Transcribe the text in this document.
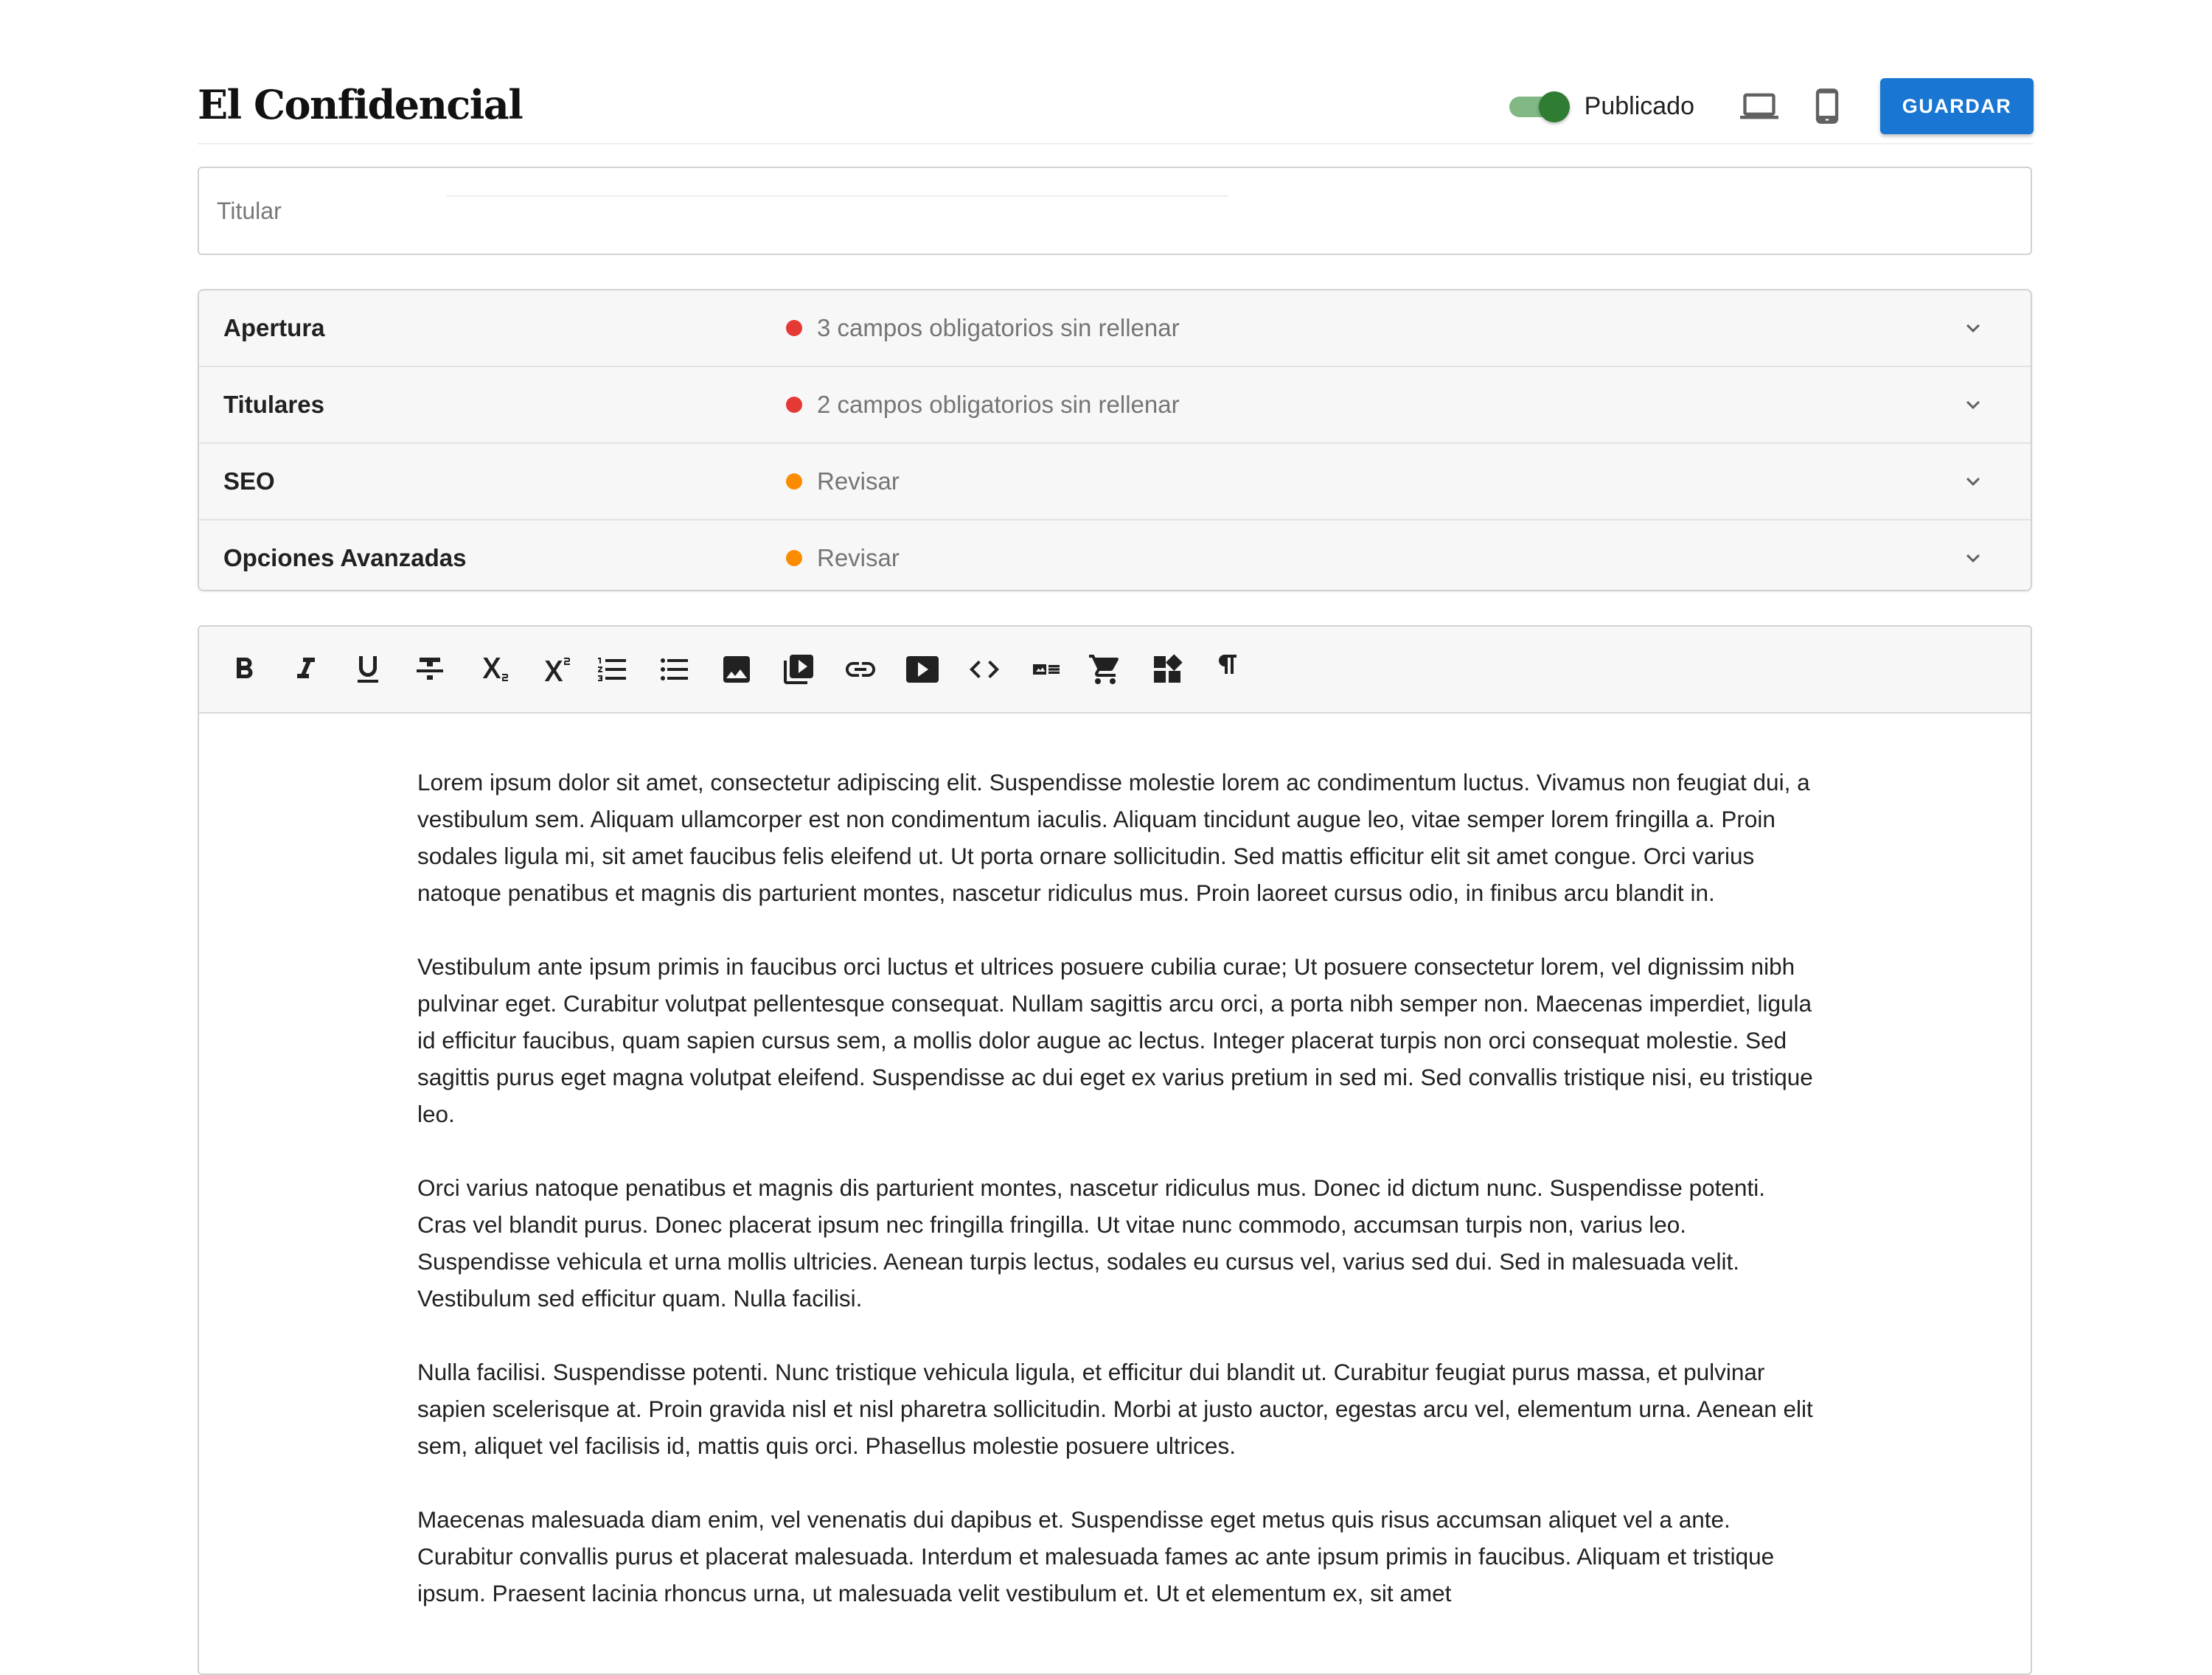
El Confidencial	Publicado	GUARDAR
Titular
Apertura	3 campos obligatorios sin rellenar
Titulares	2 campos obligatorios sin rellenar
SEO	Revisar
Opciones Avanzadas	Revisar

Lorem ipsum dolor sit amet, consectetur adipiscing elit. Suspendisse molestie lorem ac condimentum luctus. Vivamus non feugiat dui, a vestibulum sem. Aliquam ullamcorper est non condimentum iaculis. Aliquam tincidunt augue leo, vitae semper lorem fringilla a. Proin sodales ligula mi, sit amet faucibus felis eleifend ut. Ut porta ornare sollicitudin. Sed mattis efficitur elit sit amet congue. Orci varius natoque penatibus et magnis dis parturient montes, nascetur ridiculus mus. Proin laoreet cursus odio, in finibus arcu blandit in.

Vestibulum ante ipsum primis in faucibus orci luctus et ultrices posuere cubilia curae; Ut posuere consectetur lorem, vel dignissim nibh pulvinar eget. Curabitur volutpat pellentesque consequat. Nullam sagittis arcu orci, a porta nibh semper non. Maecenas imperdiet, ligula id efficitur faucibus, quam sapien cursus sem, a mollis dolor augue ac lectus. Integer placerat turpis non orci consequat molestie. Sed sagittis purus eget magna volutpat eleifend. Suspendisse ac dui eget ex varius pretium in sed mi. Sed convallis tristique nisi, eu tristique leo.

Orci varius natoque penatibus et magnis dis parturient montes, nascetur ridiculus mus. Donec id dictum nunc. Suspendisse potenti. Cras vel blandit purus. Donec placerat ipsum nec fringilla fringilla. Ut vitae nunc commodo, accumsan turpis non, varius leo. Suspendisse vehicula et urna mollis ultricies. Aenean turpis lectus, sodales eu cursus vel, varius sed dui. Sed in malesuada velit. Vestibulum sed efficitur quam. Nulla facilisi.

Nulla facilisi. Suspendisse potenti. Nunc tristique vehicula ligula, et efficitur dui blandit ut. Curabitur feugiat purus massa, et pulvinar sapien scelerisque at. Proin gravida nisl et nisl pharetra sollicitudin. Morbi at justo auctor, egestas arcu vel, elementum urna. Aenean elit sem, aliquet vel facilisis id, mattis quis orci. Phasellus molestie posuere ultrices.

Maecenas malesuada diam enim, vel venenatis dui dapibus et. Suspendisse eget metus quis risus accumsan aliquet vel a ante. Curabitur convallis purus et placerat malesuada. Interdum et malesuada fames ac ante ipsum primis in faucibus. Aliquam et tristique ipsum. Praesent lacinia rhoncus urna, ut malesuada velit vestibulum et. Ut et elementum ex, sit amet
